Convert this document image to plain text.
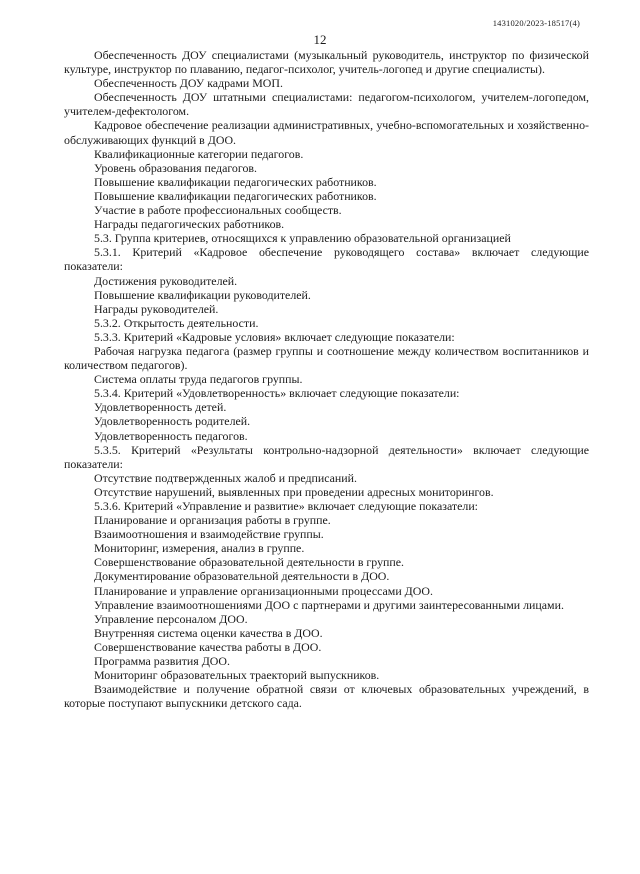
1431020/2023-18517(4)
12

Обеспеченность ДОУ специалистами (музыкальный руководитель, инструктор по физической культуре, инструктор по плаванию, педагог-психолог, учитель-логопед и другие специалисты).

Обеспеченность ДОУ кадрами МОП.

Обеспеченность ДОУ штатными специалистами: педагогом-психологом, учителем-логопедом, учителем-дефектологом.

Кадровое обеспечение реализации административных, учебно-вспомогательных и хозяйственно-обслуживающих функций в ДОО.

Квалификационные категории педагогов.

Уровень образования педагогов.

Повышение квалификации педагогических работников.

Повышение квалификации педагогических работников.

Участие в работе профессиональных сообществ.

Награды педагогических работников.

5.3. Группа критериев, относящихся к управлению образовательной организацией

5.3.1. Критерий «Кадровое обеспечение руководящего состава» включает следующие показатели:

Достижения руководителей.

Повышение квалификации руководителей.

Награды руководителей.

5.3.2. Открытость деятельности.

5.3.3. Критерий «Кадровые условия» включает следующие показатели:

Рабочая нагрузка педагога (размер группы и соотношение между количеством воспитанников и количеством педагогов).

Система оплаты труда педагогов группы.

5.3.4. Критерий «Удовлетворенность» включает следующие показатели:

Удовлетворенность детей.

Удовлетворенность родителей.

Удовлетворенность педагогов.

5.3.5. Критерий «Результаты контрольно-надзорной деятельности» включает следующие показатели:

Отсутствие подтвержденных жалоб и предписаний.

Отсутствие нарушений, выявленных при проведении адресных мониторингов.

5.3.6. Критерий «Управление и развитие» включает следующие показатели:

Планирование и организация работы в группе.

Взаимоотношения и взаимодействие группы.

Мониторинг, измерения, анализ в группе.

Совершенствование образовательной деятельности в группе.

Документирование образовательной деятельности в ДОО.

Планирование и управление организационными процессами ДОО.

Управление взаимоотношениями ДОО с партнерами и другими заинтересованными лицами.

Управление персоналом ДОО.

Внутренняя система оценки качества в ДОО.

Совершенствование качества работы в ДОО.

Программа развития ДОО.

Мониторинг образовательных траекторий выпускников.

Взаимодействие и получение обратной связи от ключевых образовательных учреждений, в которые поступают выпускники детского сада.
